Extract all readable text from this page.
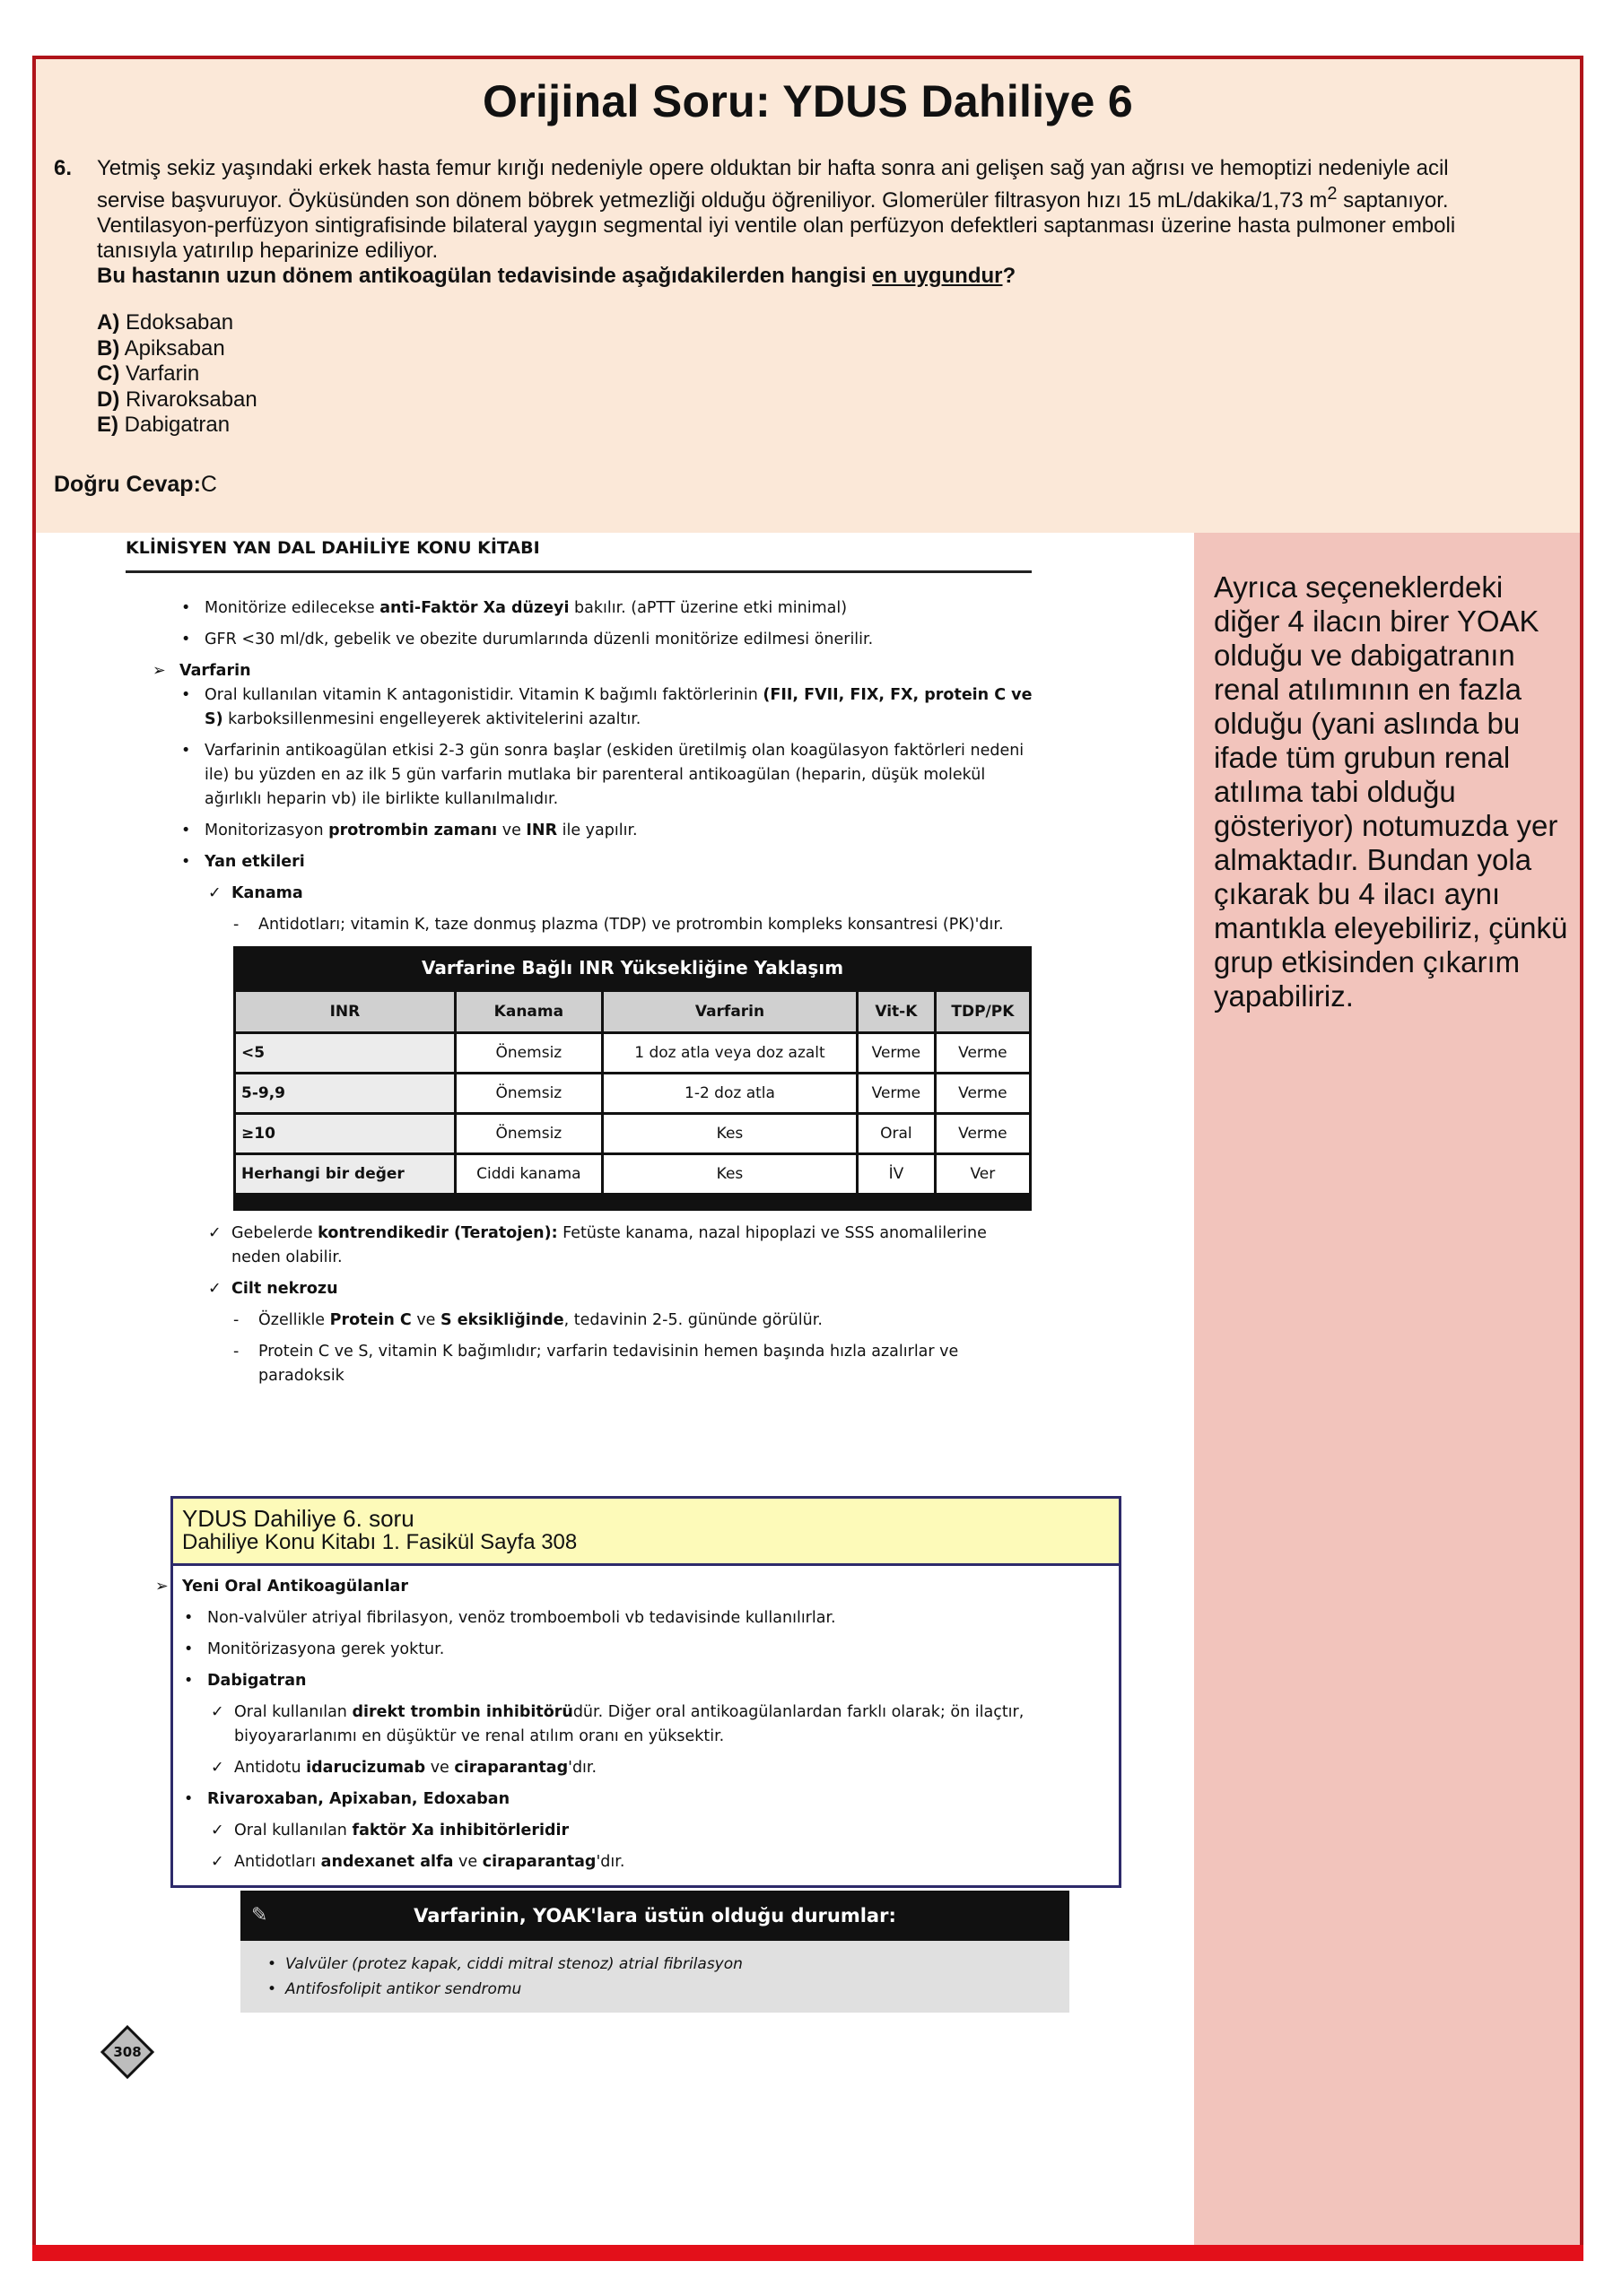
Orijinal Soru: YDUS Dahiliye 6
6. Yetmiş sekiz yaşındaki erkek hasta femur kırığı nedeniyle opere olduktan bir hafta sonra ani gelişen sağ yan ağrısı ve hemoptizi nedeniyle acil servise başvuruyor. Öyküsünden son dönem böbrek yetmezliği olduğu öğreniliyor. Glomerüler filtrasyon hızı 15 mL/dakika/1,73 $m^2$ saptanıyor. Ventilasyon-perfüzyon sintigrafisinde bilateral yaygın segmental iyi ventile olan perfüzyon defektleri saptanması üzerine hasta pulmoner emboli tanısıyla yatırılıp heparinize ediliyor.
Bu hastanın uzun dönem antikoagülan tedavisinde aşağıdakilerden hangisi en uygundur?
A) Edoksaban
B) Apiksaban
C) Varfarin
D) Rivaroksaban
E) Dabigatran
Doğru Cevap:C
Ayrıca seçeneklerdeki diğer 4 ilacın birer YOAK olduğu ve dabigatranın renal atılımının en fazla olduğu (yani aslında bu ifade tüm grubun renal atılıma tabi olduğu gösteriyor) notumuzda yer almaktadır. Bundan yola çıkarak bu 4 ilacı aynı mantıkla eleyebiliriz, çünkü grup etkisinden çıkarım yapabiliriz.
KLİNİSYEN YAN DAL DAHİLİYE KONU KİTABI
• Monitörize edilecekse anti-Faktör Xa düzeyi bakılır. (aPTT üzerine etki minimal)
• GFR <30 ml/dk, gebelik ve obezite durumlarında düzenli monitörize edilmesi önerilir.
➢ Varfarin
• Oral kullanılan vitamin K antagonistidir. Vitamin K bağımlı faktörlerinin (FII, FVII, FIX, FX, protein C ve S) karboksillenmesini engelleyerek aktivitelerini azaltır.
• Varfarinin antikoagülan etkisi 2-3 gün sonra başlar (eskiden üretilmiş olan koagülasyon faktörleri nedeni ile) bu yüzden en az ilk 5 gün varfarin mutlaka bir parenteral antikoagülan (heparin, düşük molekül ağırlıklı heparin vb) ile birlikte kullanılmalıdır.
• Monitorizasyon protrombin zamanı ve INR ile yapılır.
• Yan etkileri
✓ Kanama
- Antidotları; vitamin K, taze donmuş plazma (TDP) ve protrombin kompleks konsantresi (PK)'dır.
Varfarine Bağlı INR Yüksekliğine Yaklaşım
INR	Kanama	Varfarin	Vit-K	TDP/PK
<5	Önemsiz	1 doz atla veya doz azalt	Verme	Verme
5-9,9	Önemsiz	1-2 doz atla	Verme	Verme
≥10	Önemsiz	Kes	Oral	Verme
Herhangi bir değer	Ciddi kanama	Kes	İV	Ver

✓ Gebelerde kontrendikedir (Teratojen): Fetüste kanama, nazal hipoplazi ve SSS anomalilerine neden olabilir.
✓ Cilt nekrozu
- Özellikle Protein C ve S eksikliğinde, tedavinin 2-5. gününde görülür.
- Protein C ve S, vitamin K bağımlıdır; varfarin tedavisinin hemen başında hızla azalırlar ve paradoksik
YDUS Dahiliye 6. soru
Dahiliye Konu Kitabı 1. Fasikül Sayfa 308
➢ Yeni Oral Antikoagülanlar
• Non-valvüler atriyal fibrilasyon, venöz tromboemboli vb tedavisinde kullanılırlar.
• Monitörizasyona gerek yoktur.
• Dabigatran
✓ Oral kullanılan direkt trombin inhibitörüdür. Diğer oral antikoagülanlardan farklı olarak; ön ilaçtır, biyoyararlanımı en düşüktür ve renal atılım oranı en yüksektir.
✓ Antidotu idarucizumab ve ciraparantag'dır.
• Rivaroxaban, Apixaban, Edoxaban
✓ Oral kullanılan faktör Xa inhibitörleridir
✓ Antidotları andexanet alfa ve ciraparantag'dır.
✎	Varfarinin, YOAK'lara üstün olduğu durumlar:
• Valvüler (protez kapak, ciddi mitral stenoz) atrial fibrilasyon
• Antifosfolipit antikor sendromu
308
